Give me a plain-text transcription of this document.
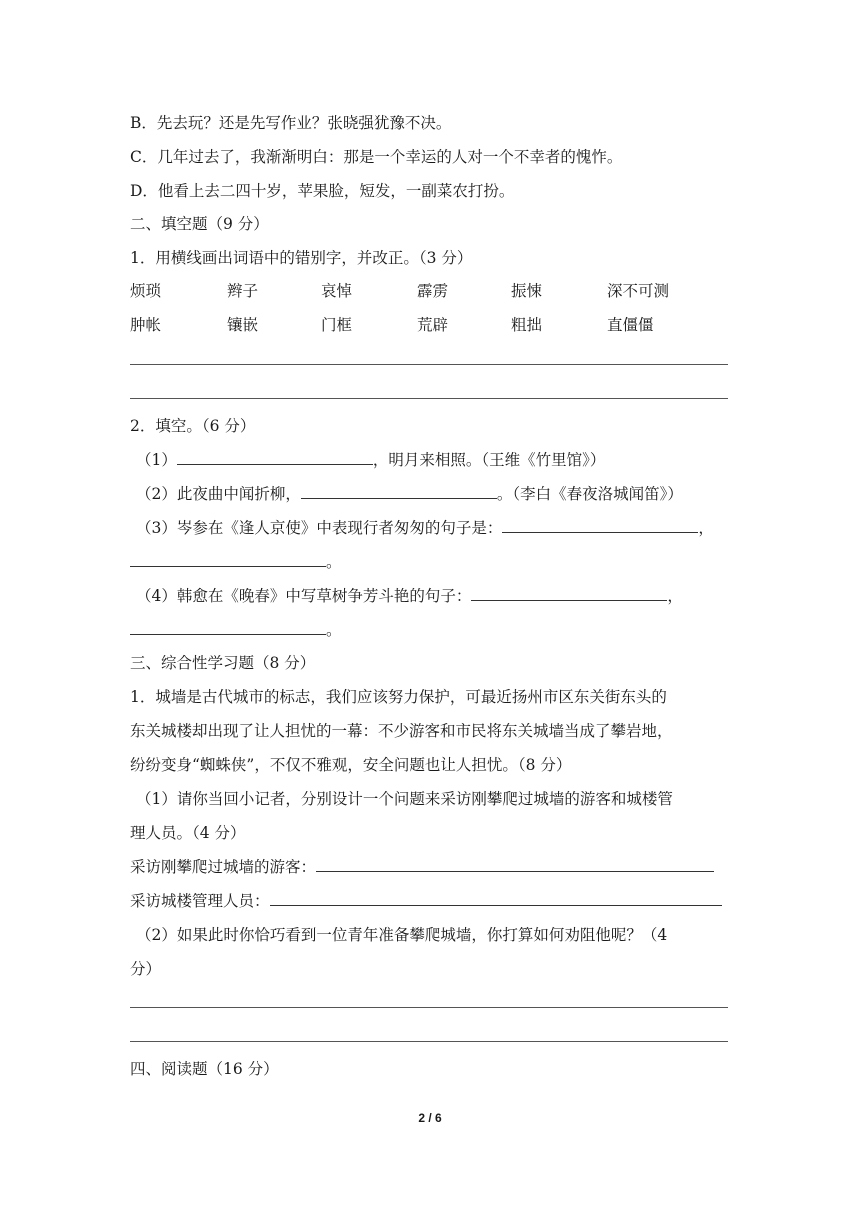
B．先去玩？还是先写作业？张晓强犹豫不决。
C．几年过去了，我渐渐明白：那是一个幸运的人对一个不幸者的愧怍。
D．他看上去二四十岁，苹果脸，短发，一副菜农打扮。
二、填空题（9 分）
1．用横线画出词语中的错别字，并改正。（3 分）
烦琐	辫子	哀悼	霹雳	振悚	深不可测
肿帐	镶嵌	门框	荒辟	粗拙	直僵僵
2．填空。（6 分）
（1）	，明月来相照。（王维《竹里馆》）
（2）此夜曲中闻折柳，	。（李白《春夜洛城闻笛》）
（3）岑参在《逢人京使》中表现行者匆匆的句子是：	，
。
（4）韩愈在《晚春》中写草树争芳斗艳的句子：	，
。
三、综合性学习题（8 分）
1．城墙是古代城市的标志，我们应该努力保护，可最近扬州市区东关街东头的
东关城楼却出现了让人担忧的一幕：不少游客和市民将东关城墙当成了攀岩地，
纷纷变身“蜘蛛侠”，不仅不雅观，安全问题也让人担忧。（8 分）
（1）请你当回小记者，分别设计一个问题来采访刚攀爬过城墙的游客和城楼管
理人员。（4 分）
采访刚攀爬过城墙的游客：
采访城楼管理人员：
（2）如果此时你恰巧看到一位青年准备攀爬城墙，你打算如何劝阻他呢？（4
分）
四、阅读题（16 分）
2 / 6
